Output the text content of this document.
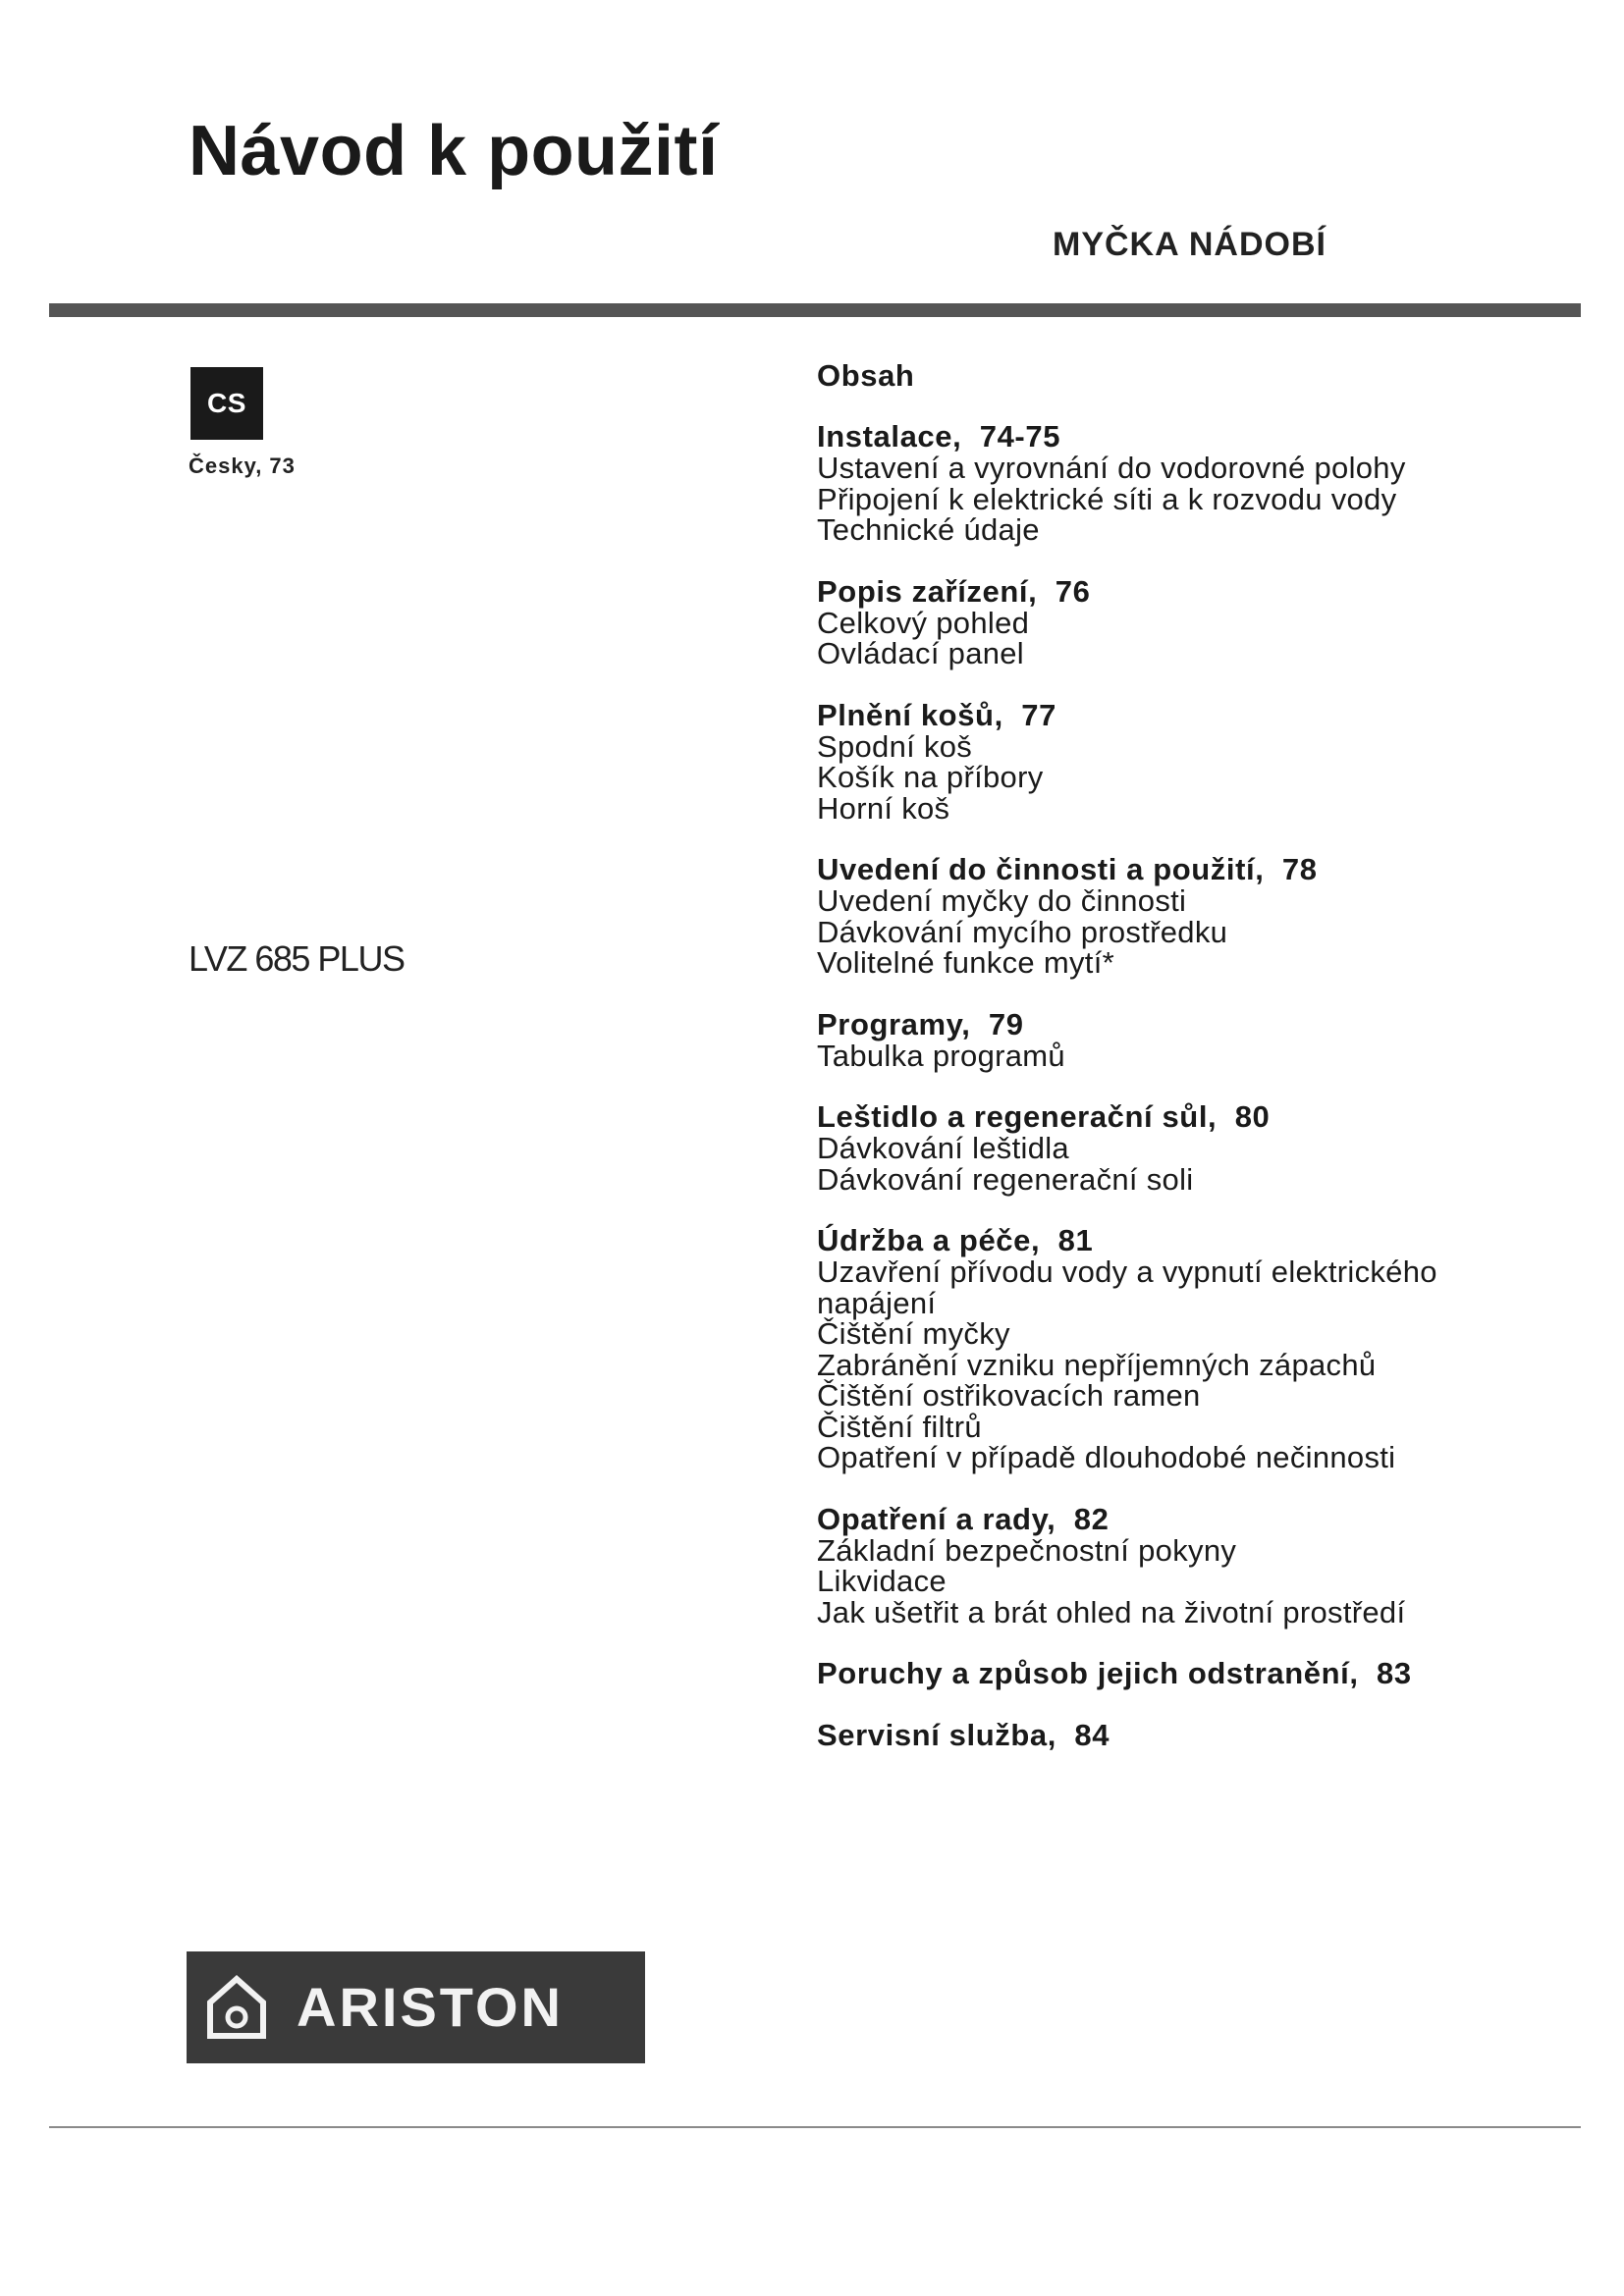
Návod k použití
MYČKA NÁDOBÍ
CS
Česky, 73
LVZ 685 PLUS
Obsah
Instalace, 74-75
Ustavení a vyrovnání do vodorovné polohy
Připojení k elektrické síti a k rozvodu vody
Technické údaje
Popis zařízení, 76
Celkový pohled
Ovládací panel
Plnění košů, 77
Spodní koš
Košík na příbory
Horní koš
Uvedení do činnosti a použití, 78
Uvedení myčky do činnosti
Dávkování mycího prostředku
Volitelné funkce mytí*
Programy, 79
Tabulka programů
Leštidlo a regenerační sůl, 80
Dávkování leštidla
Dávkování regenerační soli
Údržba a péče, 81
Uzavření přívodu vody a vypnutí elektrického
napájení
Čištění myčky
Zabránění vzniku nepříjemných zápachů
Čištění ostřikovacích ramen
Čištění filtrů
Opatření v případě dlouhodobé nečinnosti
Opatření a rady, 82
Základní bezpečnostní pokyny
Likvidace
Jak ušetřit a brát ohled na životní prostředí
Poruchy a způsob jejich odstranění, 83
Servisní služba, 84
ARISTON
